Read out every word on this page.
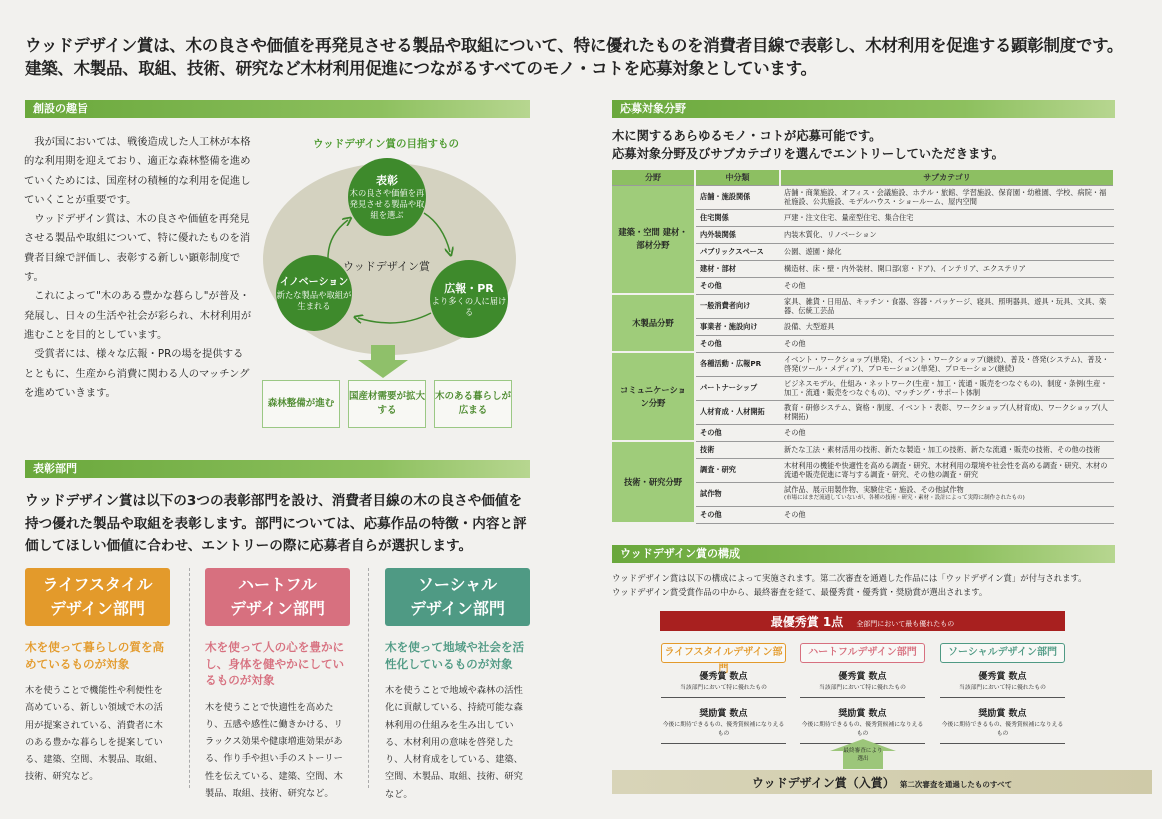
ウッドデザイン賞は、木の良さや価値を再発見させる製品や取組について、特に優れたものを消費者目線で表彰し、木材利用を促進する顕彰制度です。
建築、木製品、取組、技術、研究など木材利用促進につながるすべてのモノ・コトを応募対象としています。
創設の趣旨

我が国においては、戦後造成した人工林が本格的な利用期を迎えており、適正な森林整備を進めていくためには、国産材の積極的な利用を促進していくことが重要です。

ウッドデザイン賞は、木の良さや価値を再発見させる製品や取組について、特に優れたものを消費者目線で評価し、表彰する新しい顕彰制度です。

これによって"木のある豊かな暮らし"が普及・発展し、日々の生活や社会が彩られ、木材利用が進むことを目的としています。

受賞者には、様々な広報・PRの場を提供するとともに、生産から消費に関わる人のマッチングを進めていきます。

ウッドデザイン賞の目指すもの
表彰
木の良さや価値を再発見させる製品や取組を選ぶ
広報・PR
より多くの人に届ける
イノベーション
新たな製品や取組が生まれる
ウッドデザイン賞
森林整備が進む
国産材需要が拡大する
木のある暮らしが広まる
表彰部門
ウッドデザイン賞は以下の3つの表彰部門を設け、消費者目線の木の良さや価値を持つ優れた製品や取組を表彰します。部門については、応募作品の特徴・内容と評価してほしい価値に合わせ、エントリーの際に応募者自らが選択します。
ライフスタイル
デザイン部門
木を使って暮らしの質を高めているものが対象
木を使うことで機能性や利便性を高めている、新しい領域で木の活用が提案されている、消費者に木のある豊かな暮らしを提案している、建築、空間、木製品、取組、技術、研究など。
ハートフル
デザイン部門
木を使って人の心を豊かにし、身体を健やかにしているものが対象
木を使うことで快適性を高めたり、五感や感性に働きかける、リラックス効果や健康増進効果がある、作り手や担い手のストーリー性を伝えている、建築、空間、木製品、取組、技術、研究など。
ソーシャル
デザイン部門
木を使って地域や社会を活性化しているものが対象
木を使うことで地域や森林の活性化に貢献している、持続可能な森林利用の仕組みを生み出している、木材利用の意味を啓発したり、人材育成をしている、建築、空間、木製品、取組、技術、研究など。
応募対象分野
木に関するあらゆるモノ・コトが応募可能です。
応募対象分野及びサブカテゴリを選んでエントリーしていただきます。
分野	中分類	サブカテゴリ
建築・空間 建材・部材分野	店舗・施設関係	店舗・商業施設、オフィス・会議施設、ホテル・旅館、学習施設、保育園・幼稚園、学校、病院・福祉施設、公共施設、モデルハウス・ショールーム、屋内空間

	住宅関係	戸建・注文住宅、量産型住宅、集合住宅

	内外装関係	内装木質化、リノベーション

	パブリックスペース	公園、遊園・緑化

	建材・部材	構造材、床・壁・内外装材、開口部(窓・ドア)、インテリア、エクステリア

	その他	その他

木製品分野	一般消費者向け	家具、雑貨・日用品、キッチン・食器、容器・パッケージ、寝具、照明器具、遊具・玩具、文具、楽器、伝統工芸品

	事業者・施設向け	設備、大型遊具

	その他	その他

コミュニケーション分野	各種活動・広報PR	イベント・ワークショップ(単発)、イベント・ワークショップ(継続)、普及・啓発(システム)、普及・啓発(ツール・メディア)、プロモーション(単発)、プロモーション(継続)

	パートナーシップ	ビジネスモデル、仕組み・ネットワーク(生産・加工・流通・販売をつなぐもの)、制度・条例(生産・加工・流通・販売をつなぐもの)、マッチング・サポート体制

	人材育成・人材開拓	教育・研修システム、資格・制度、イベント・表彰、ワークショップ(人材育成)、ワークショップ(人材開拓)

	その他	その他

技術・研究分野	技術	新たな工法・素材活用の技術、新たな製造・加工の技術、新たな流通・販売の技術、その他の技術

	調査・研究	木材利用の機能や快適性を高める調査・研究、木材利用の環境や社会性を高める調査・研究、木材の流通や販売促進に寄与する調査・研究、その他の調査・研究

	試作物	試作品、展示用製作物、実験住宅・施設、その他試作物
(市場にはまだ流通していないが、各種の技術・研究・素材・設計によって実際に制作されたもの)

	その他	その他
ウッドデザイン賞の構成
ウッドデザイン賞は以下の構成によって実施されます。第二次審査を通過した作品には「ウッドデザイン賞」が付与されます。
ウッドデザイン賞受賞作品の中から、最終審査を経て、最優秀賞・優秀賞・奨励賞が選出されます。
最優秀賞 1点 全部門において最も優れたもの
ライフスタイルデザイン部門
優秀賞 数点
当該部門において特に優れたもの
奨励賞 数点
今後に期待できるもの、優秀賞候補になりえるもの
ハートフルデザイン部門
優秀賞 数点
当該部門において特に優れたもの
奨励賞 数点
今後に期待できるもの、優秀賞候補になりえるもの
ソーシャルデザイン部門
優秀賞 数点
当該部門において特に優れたもの
奨励賞 数点
今後に期待できるもの、優秀賞候補になりえるもの
最終審査により選出
ウッドデザイン賞（入賞） 第二次審査を通過したものすべて
